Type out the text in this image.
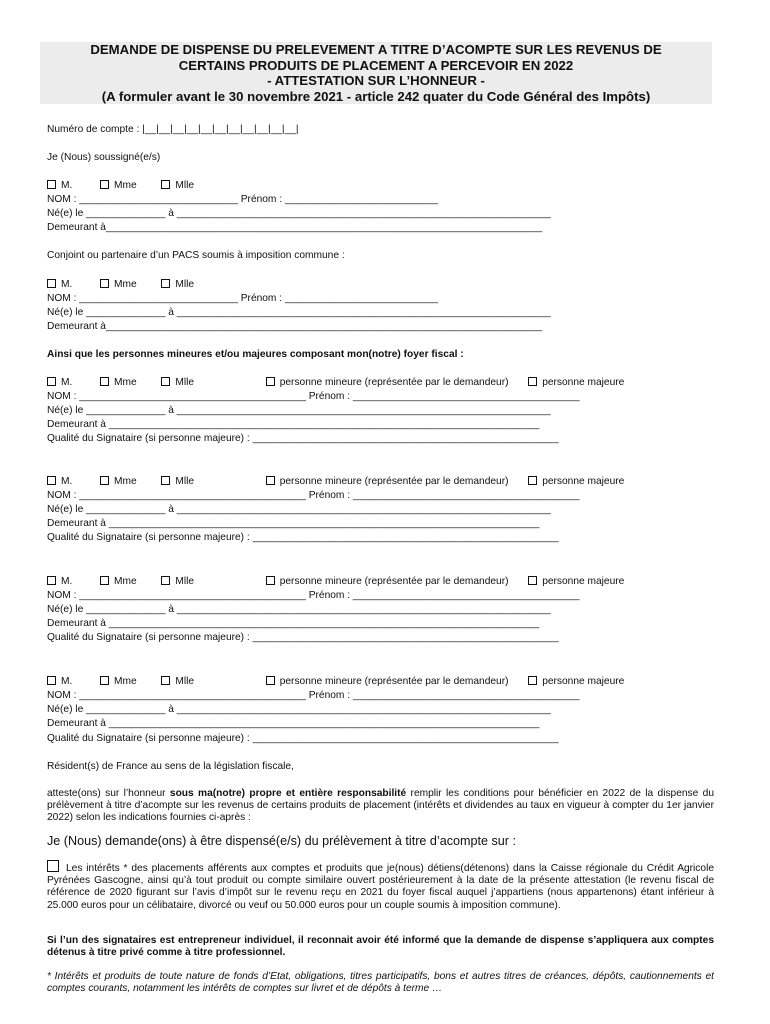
DEMANDE DE DISPENSE DU PRELEVEMENT A TITRE D’ACOMPTE SUR LES REVENUS DE
CERTAINS PRODUITS DE PLACEMENT A PERCEVOIR EN 2022
- ATTESTATION SUR L’HONNEUR -
(A formuler avant le 30 novembre 2021 - article 242 quater du Code Général des Impôts)
Numéro de compte : |__|__|__|__|__|__|__|__|__|__|__|
Je (Nous) soussigné(e/s)
M.	Mme	Mlle
NOM : ____________________________ Prénom : ___________________________
Né(e) le ______________ à __________________________________________________________________
Demeurant à_____________________________________________________________________________
Conjoint ou partenaire d’un PACS soumis à imposition commune :
M.	Mme	Mlle
NOM : ____________________________ Prénom : ___________________________
Né(e) le ______________ à __________________________________________________________________
Demeurant à_____________________________________________________________________________
Ainsi que les personnes mineures et/ou majeures composant mon(notre) foyer fiscal :
M.	Mme	Mlle	personne mineure (représentée par le demandeur)	personne majeure
NOM : ________________________________________ Prénom : ________________________________________
Né(e) le ______________ à __________________________________________________________________
Demeurant à ____________________________________________________________________________
Qualité du Signataire (si personne majeure) : ______________________________________________________
M.	Mme	Mlle	personne mineure (représentée par le demandeur)	personne majeure
NOM : ________________________________________ Prénom : ________________________________________
Né(e) le ______________ à __________________________________________________________________
Demeurant à ____________________________________________________________________________
Qualité du Signataire (si personne majeure) : ______________________________________________________
M.	Mme	Mlle	personne mineure (représentée par le demandeur)	personne majeure
NOM : ________________________________________ Prénom : ________________________________________
Né(e) le ______________ à __________________________________________________________________
Demeurant à ____________________________________________________________________________
Qualité du Signataire (si personne majeure) : ______________________________________________________
M.	Mme	Mlle	personne mineure (représentée par le demandeur)	personne majeure
NOM : ________________________________________ Prénom : ________________________________________
Né(e) le ______________ à __________________________________________________________________
Demeurant à ____________________________________________________________________________
Qualité du Signataire (si personne majeure) : ______________________________________________________
Résident(s) de France au sens de la législation fiscale,
atteste(ons) sur l’honneur sous ma(notre) propre et entière responsabilité remplir les conditions pour bénéficier en 2022 de la dispense du prélèvement à titre d’acompte sur les revenus de certains produits de placement (intérêts et dividendes au taux en vigueur à compter du 1er janvier 2022) selon les indications fournies ci-après :
Je (Nous) demande(ons) à être dispensé(e/s) du prélèvement à titre d’acompte sur :
Les intérêts * des placements afférents aux comptes et produits que je(nous) détiens(détenons) dans la Caisse régionale du Crédit Agricole Pyrénées Gascogne, ainsi qu’à tout produit ou compte similaire ouvert postérieurement à la date de la présente attestation (le revenu fiscal de référence de 2020 figurant sur l’avis d’impôt sur le revenu reçu en 2021 du foyer fiscal auquel j’appartiens (nous appartenons) étant inférieur à 25.000 euros pour un célibataire, divorcé ou veuf ou 50.000 euros pour un couple soumis à imposition commune).
Si l’un des signataires est entrepreneur individuel, il reconnait avoir été informé que la demande de dispense s’appliquera aux comptes détenus à titre privé comme à titre professionnel.
* Intérêts et produits de toute nature de fonds d’Etat, obligations, titres participatifs, bons et autres titres de créances, dépôts, cautionnements et comptes courants, notamment les intérêts de comptes sur livret et de dépôts à terme …
